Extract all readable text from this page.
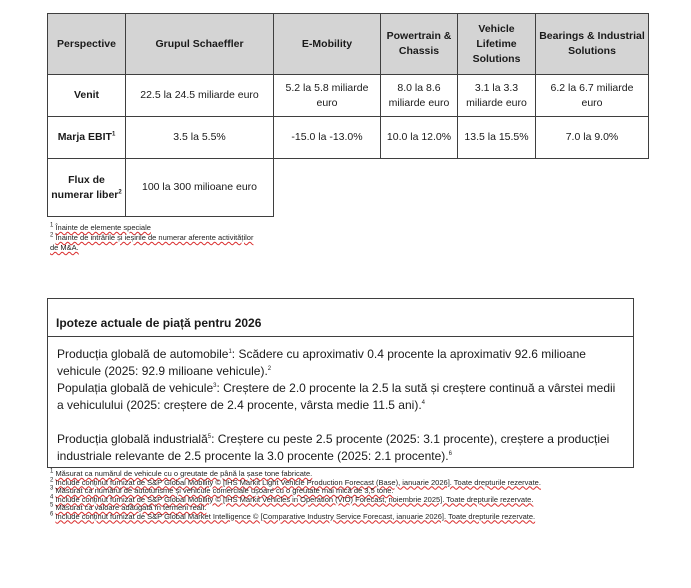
Perspective	Grupul Schaeffler	E-Mobility	Powertrain & Chassis	Vehicle Lifetime Solutions	Bearings & Industrial Solutions
Venit	22.5 la 24.5 miliarde euro	5.2 la 5.8 miliarde euro	8.0 la 8.6 miliarde euro	3.1 la 3.3 miliarde euro	6.2 la 6.7 miliarde euro
Marja EBIT$^1$	3.5 la 5.5%	-15.0 la -13.0%	10.0 la 12.0%	13.5 la 15.5%	7.0 la 9.0%
Flux de numerar liber$^2$	100 la 300 milioane euro				
$^1$ Înainte de elemente speciale
$^2$ Înainte de intrările și ieșirile de numerar aferente activităților de M&A.
Ipoteze actuale de piață pentru 2026

Producția globală de automobile$^1$: Scădere cu aproximativ 0.4 procente la aproximativ 92.6 milioane vehicule (2025: 92.9 milioane vehicule).$^2$

Populația globală de vehicule$^3$: Creștere de 2.0 procente la 2.5 la sută și creștere continuă a vârstei medii a vehiculului (2025: creștere de 2.4 procente, vârsta medie 11.5 ani).$^4$

Producția globală industrială$^5$: Creștere cu peste 2.5 procente (2025: 3.1 procente), creștere a producției industriale relevante de 2.5 procente la 3.0 procente (2025: 2.1 procente).$^6$

$^1$ Măsurat ca numărul de vehicule cu o greutate de până la șase tone fabricate.

$^2$ Include conținut furnizat de S&P Global Mobility © [IHS Markit Light Vehicle Production Forecast (Base), ianuarie 2026]. Toate drepturile rezervate.

$^3$ Măsurat ca numărul de autoturisme și vehicule comerciale ușoare cu o greutate mai mică de 3,5 tone.

$^4$ Include conținut furnizat de S&P Global Mobility © [IHS Markit Vehicles in Operation (VIO) Forecast, noiembrie 2025]. Toate drepturile rezervate.

$^5$ Măsurat ca valoare adăugată în termeni reali.

$^6$ Include conținut furnizat de S&P Global Market Intelligence © [Comparative Industry Service Forecast, ianuarie 2026]. Toate drepturile rezervate.
